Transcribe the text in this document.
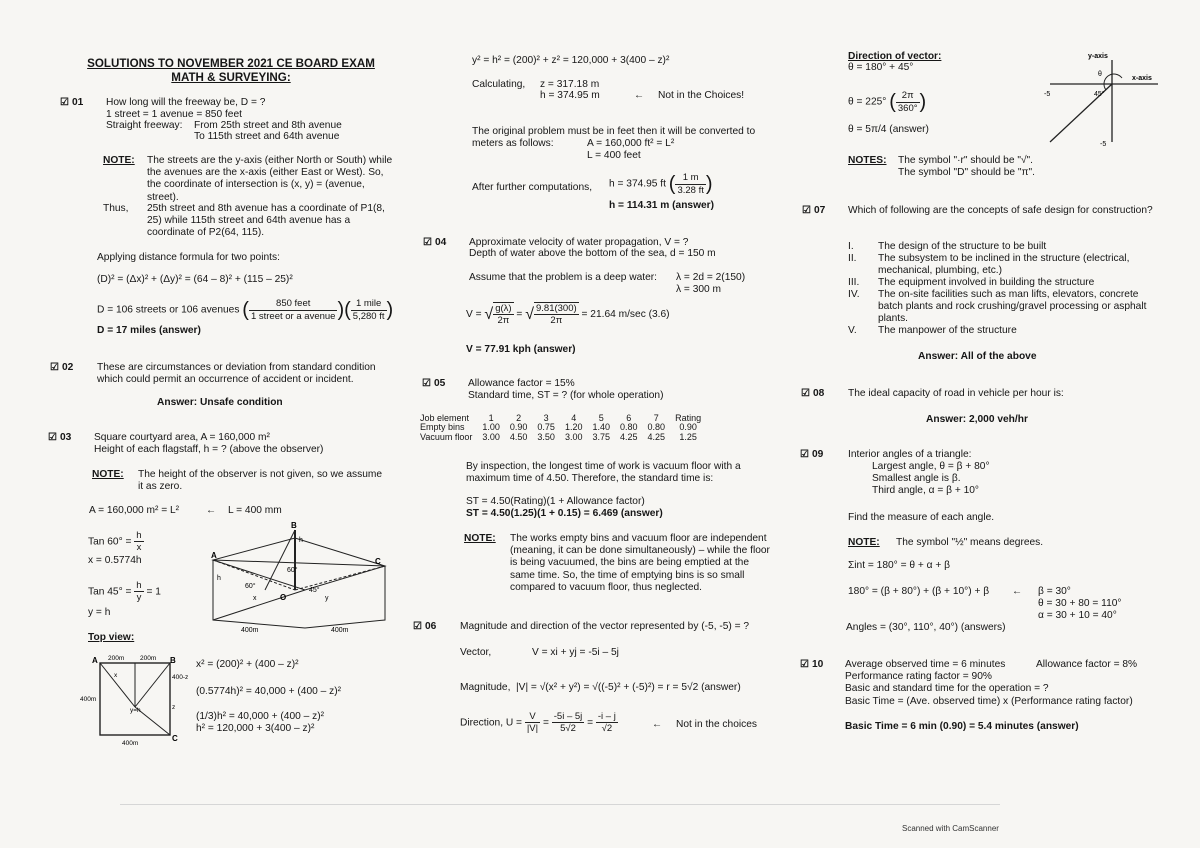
SOLUTIONS TO NOVEMBER 2021 CE BOARD EXAM
MATH & SURVEYING:
☑ 01 How long will the freeway be, D = ?
1 street = 1 avenue = 850 feet
Straight freeway: From 25th street and 8th avenue
To 115th street and 64th avenue
NOTE: The streets are the y-axis (either North or South) while the avenues are the x-axis (either East or West). So, the coordinate of intersection is (x, y) = (avenue, street).
Thus, 25th street and 8th avenue has a coordinate of P1(8, 25) while 115th street and 64th avenue has a coordinate of P2(64, 115).
Applying distance formula for two points:
(D)² = (Δx)² + (Δy)² = (64 – 8)² + (115 – 25)²
D = 106 streets or 106 avenues ( $\frac{\text{850 feet}}{\text{1 street or a avenue}}$ )( $\frac{\text{1 mile}}{5,280 ft}$ )
D = 17 miles (answer)
☑ 02 These are circumstances or deviation from standard condition which could permit an occurrence of accident or incident.
Answer: Unsafe condition
☑ 03 Square courtyard area, A = 160,000 m²
Height of each flagstaff, h = ? (above the observer)
NOTE: The height of the observer is not given, so we assume it as zero.
A = 160,000 m² = L²	← L = 400 mm
Tan $60^\circ = \frac{h}{x}$
x = 0.5774h
Tan $45^\circ = \frac{h}{y} = 1$
y = h
Top view:
B
A
C
O
h
h
60°
45°
60°
x	y
400m	400m
A	B
C
200m 200m
400m
400-z
400m
y=h
x
z
x² = (200)² + (400 – z)²
(0.5774h)² = 40,000 + (400 – z)²
(1/3)h² = 40,000 + (400 – z)²
h² = 120,000 + 3(400 – z)²
y² = h² = (200)² + z² = 120,000 + 3(400 – z)²
Calculating, z = 317.18 m
h = 374.95 m	← Not in the Choices!
The original problem must be in feet then it will be converted to meters as follows:	A = 160,000 ft² = L²
L = 400 feet
After further computations, h = 374.95 ft ( $\frac{1 m}{3.28 ft}$ )
h = 114.31 m (answer)
☑ 04 Approximate velocity of water propagation, V = ?
Depth of water above the bottom of the sea, d = 150 m
Assume that the problem is a deep water: λ = 2d = 2(150)
λ = 300 m
V = √ $\frac{g(\lambda)}{2\pi}$ = √ $\frac{9.81(300)}{2\pi} = 21.64$ m/sec (3.6)
V = 77.91 kph (answer)
☑ 05 Allowance factor = 15%
Standard time, ST = ? (for whole operation)
Job element	1	2	3	4	5	6	7	Rating
Empty bins	1.00	0.90	0.75	1.20	1.40	0.80	0.80	0.90
Vacuum floor	3.00	4.50	3.50	3.00	3.75	4.25	4.25	1.25
By inspection, the longest time of work is vacuum floor with a maximum time of 4.50. Therefore, the standard time is:
ST = 4.50(Rating)(1 + Allowance factor)
ST = 4.50(1.25)(1 + 0.15) = 6.469 (answer)
NOTE: The works empty bins and vacuum floor are independent (meaning, it can be done simultaneously) – while the floor is being vacuumed, the bins are being emptied at the same time. So, the time of emptying bins is so small compared to vacuum floor, thus neglected.
☑ 06 Magnitude and direction of the vector represented by (-5, -5) = ?
Vector,	V = xi + yj = -5i – 5j
Magnitude, |V| = √(x² + y²) = √((-5)² + (-5)²) = r = 5√2 (answer)
Direction, $U = \frac{V}{|V|} = \frac{-5i - 5j}{5√2} = \frac{-i - j}{√2}$	← Not in the choices
Direction of vector:
θ = 180° + 45°
θ = 225° ( $\frac{2\pi}{360^\circ}$ )
θ = 5π/4 (answer)
NOTES: The symbol "·r" should be "√".
The symbol "D" should be "π".
y-axis
x-axis
θ
45°
-5
-5
☑ 07 Which of following are the concepts of safe design for construction?
I. The design of the structure to be built
II. The subsystem to be inclined in the structure (electrical, mechanical, plumbing, etc.)
III. The equipment involved in building the structure
IV. The on-site facilities such as man lifts, elevators, concrete batch plants and rock crushing/gravel processing or asphalt plants.
V. The manpower of the structure
Answer: All of the above
☑ 08 The ideal capacity of road in vehicle per hour is:
Answer: 2,000 veh/hr
☑ 09 Interior angles of a triangle:
Largest angle, θ = β + 80°
Smallest angle is β.
Third angle, α = β + 10°
Find the measure of each angle.
NOTE: The symbol "½" means degrees.
Σint = 180° = θ + α + β
180° = (β + 80°) + (β + 10°) + β ← β = 30°
θ = 30 + 80 = 110°
α = 30 + 10 = 40°
Angles = (30°, 110°, 40°) (answers)
☑ 10 Average observed time = 6 minutes	Allowance factor = 8%
Performance rating factor = 90%
Basic and standard time for the operation = ?
Basic Time = (Ave. observed time) x (Performance rating factor)
Basic Time = 6 min (0.90) = 5.4 minutes (answer)
Scanned with CamScanner
